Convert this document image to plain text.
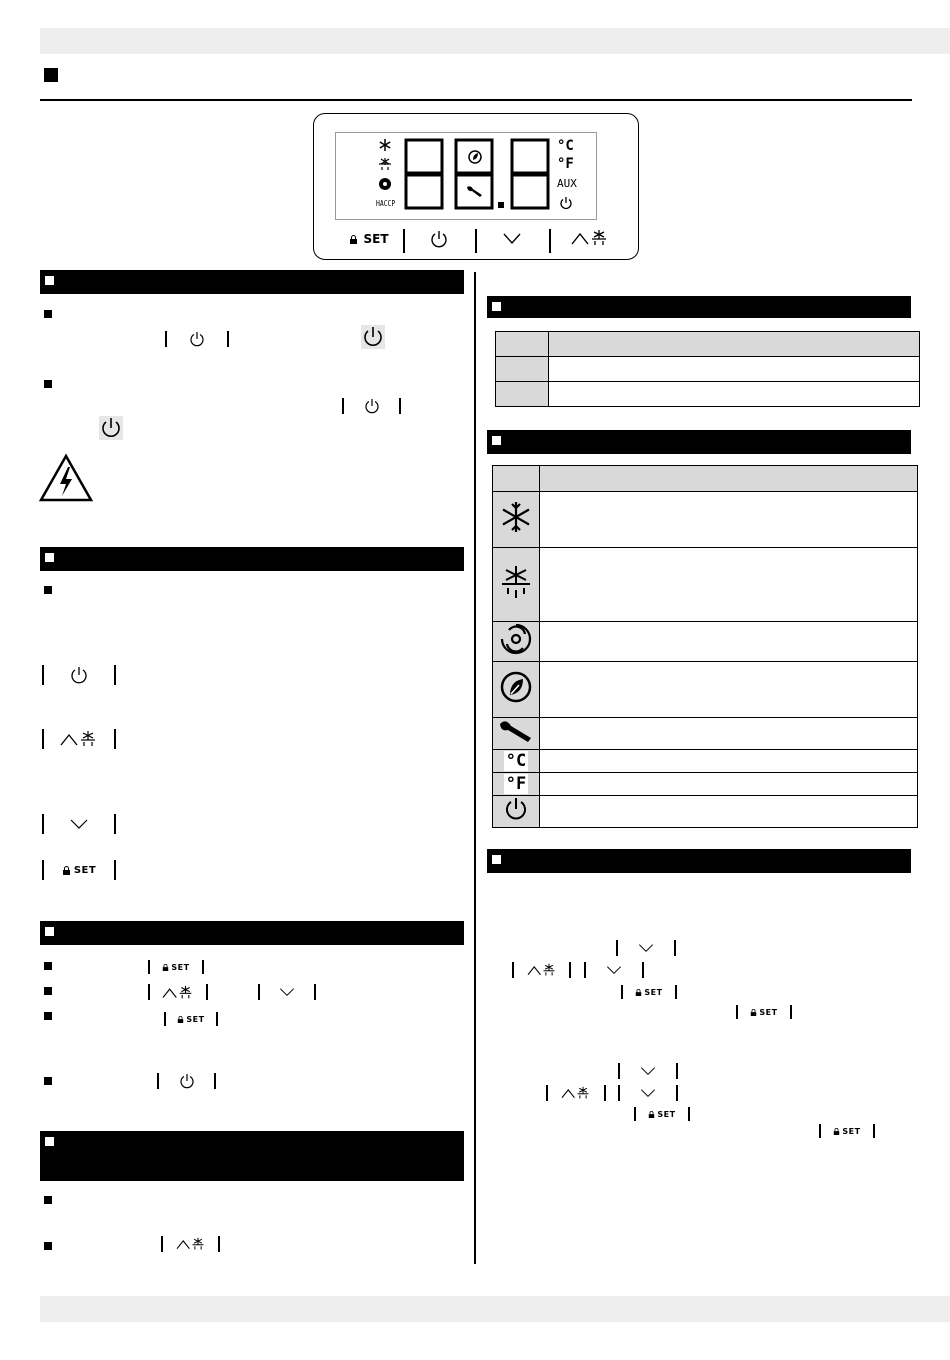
HACCP
°C
°F
AUX
SET
SET
SET
SET

°C	
°F	

SET
SET
SET
SET
